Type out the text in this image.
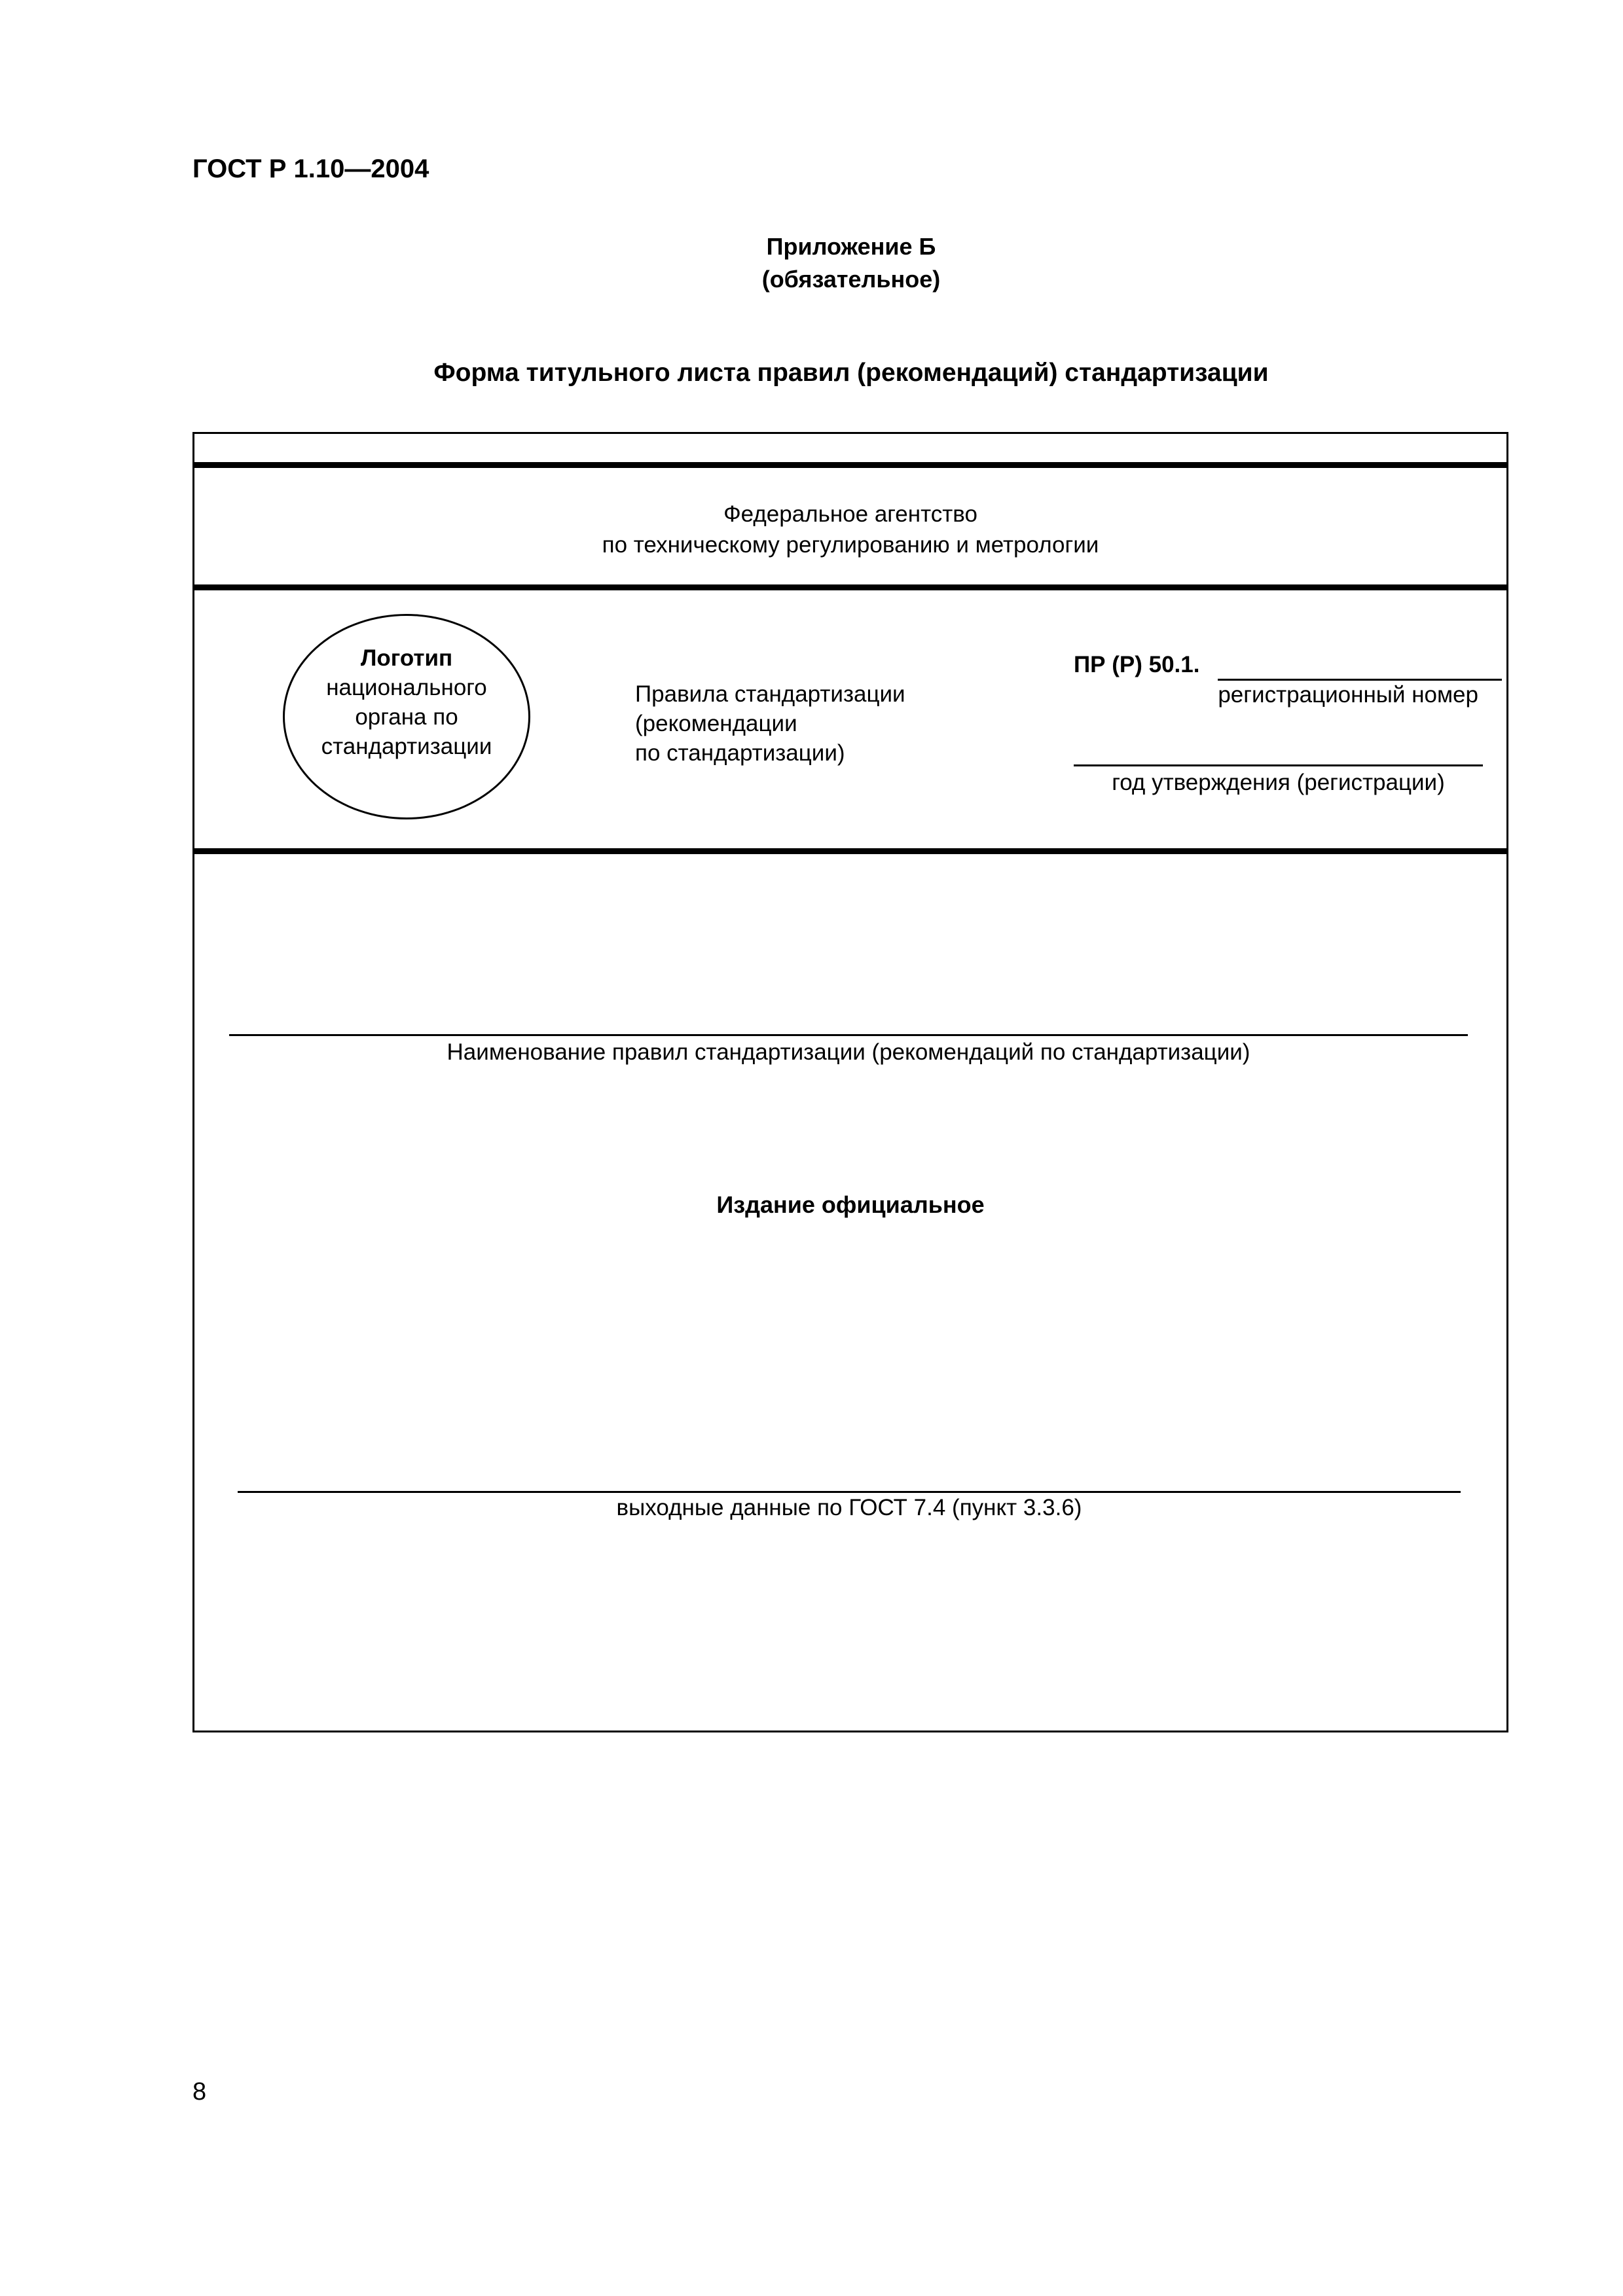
ГОСТ Р 1.10—2004
Приложение Б
(обязательное)
Форма титульного листа правил (рекомендаций) стандартизации
Федеральное агентство
по техническому регулированию и метрологии
Логотип
национального
органа по
стандартизации
Правила стандартизации
(рекомендации
по стандартизации)
ПР (Р) 50.1.
регистрационный номер
год утверждения (регистрации)
Наименование правил стандартизации (рекомендаций по стандартизации)
Издание официальное
выходные данные по ГОСТ 7.4 (пункт 3.3.6)
8
